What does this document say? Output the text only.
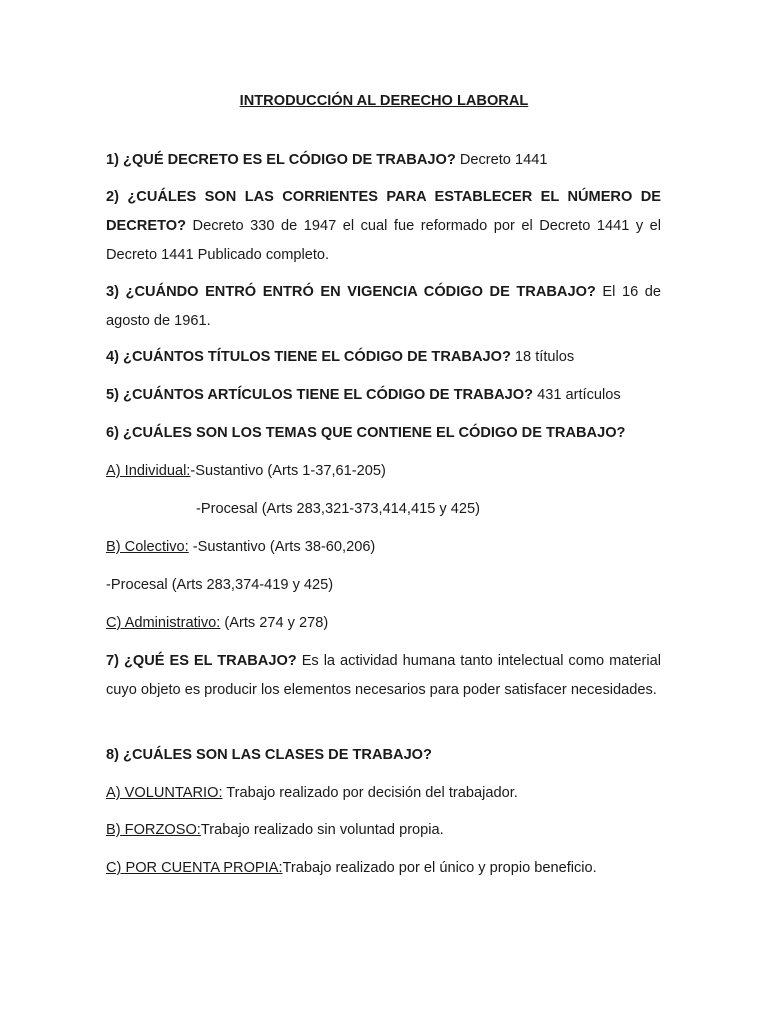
INTRODUCCIÓN AL DERECHO LABORAL

1) ¿QUÉ DECRETO ES EL CÓDIGO DE TRABAJO? Decreto 1441

2) ¿CUÁLES SON LAS CORRIENTES PARA ESTABLECER EL NÚMERO DE DECRETO? Decreto 330 de 1947 el cual fue reformado por el Decreto 1441 y el Decreto 1441 Publicado completo.

3) ¿CUÁNDO ENTRÓ ENTRÓ EN VIGENCIA CÓDIGO DE TRABAJO? El 16 de agosto de 1961.

4) ¿CUÁNTOS TÍTULOS TIENE EL CÓDIGO DE TRABAJO? 18 títulos

5) ¿CUÁNTOS ARTÍCULOS TIENE EL CÓDIGO DE TRABAJO? 431 artículos

6) ¿CUÁLES SON LOS TEMAS QUE CONTIENE EL CÓDIGO DE TRABAJO?

A) Individual:-Sustantivo (Arts 1-37,61-205)

-Procesal (Arts 283,321-373,414,415 y 425)

B) Colectivo: -Sustantivo (Arts 38-60,206)

-Procesal (Arts 283,374-419 y 425)

C) Administrativo: (Arts 274 y 278)

7) ¿QUÉ ES EL TRABAJO? Es la actividad humana tanto intelectual como material cuyo objeto es producir los elementos necesarios para poder satisfacer necesidades.

8) ¿CUÁLES SON LAS CLASES DE TRABAJO?

A) VOLUNTARIO: Trabajo realizado por decisión del trabajador.

B) FORZOSO:Trabajo realizado sin voluntad propia.

C) POR CUENTA PROPIA:Trabajo realizado por el único y propio beneficio.
